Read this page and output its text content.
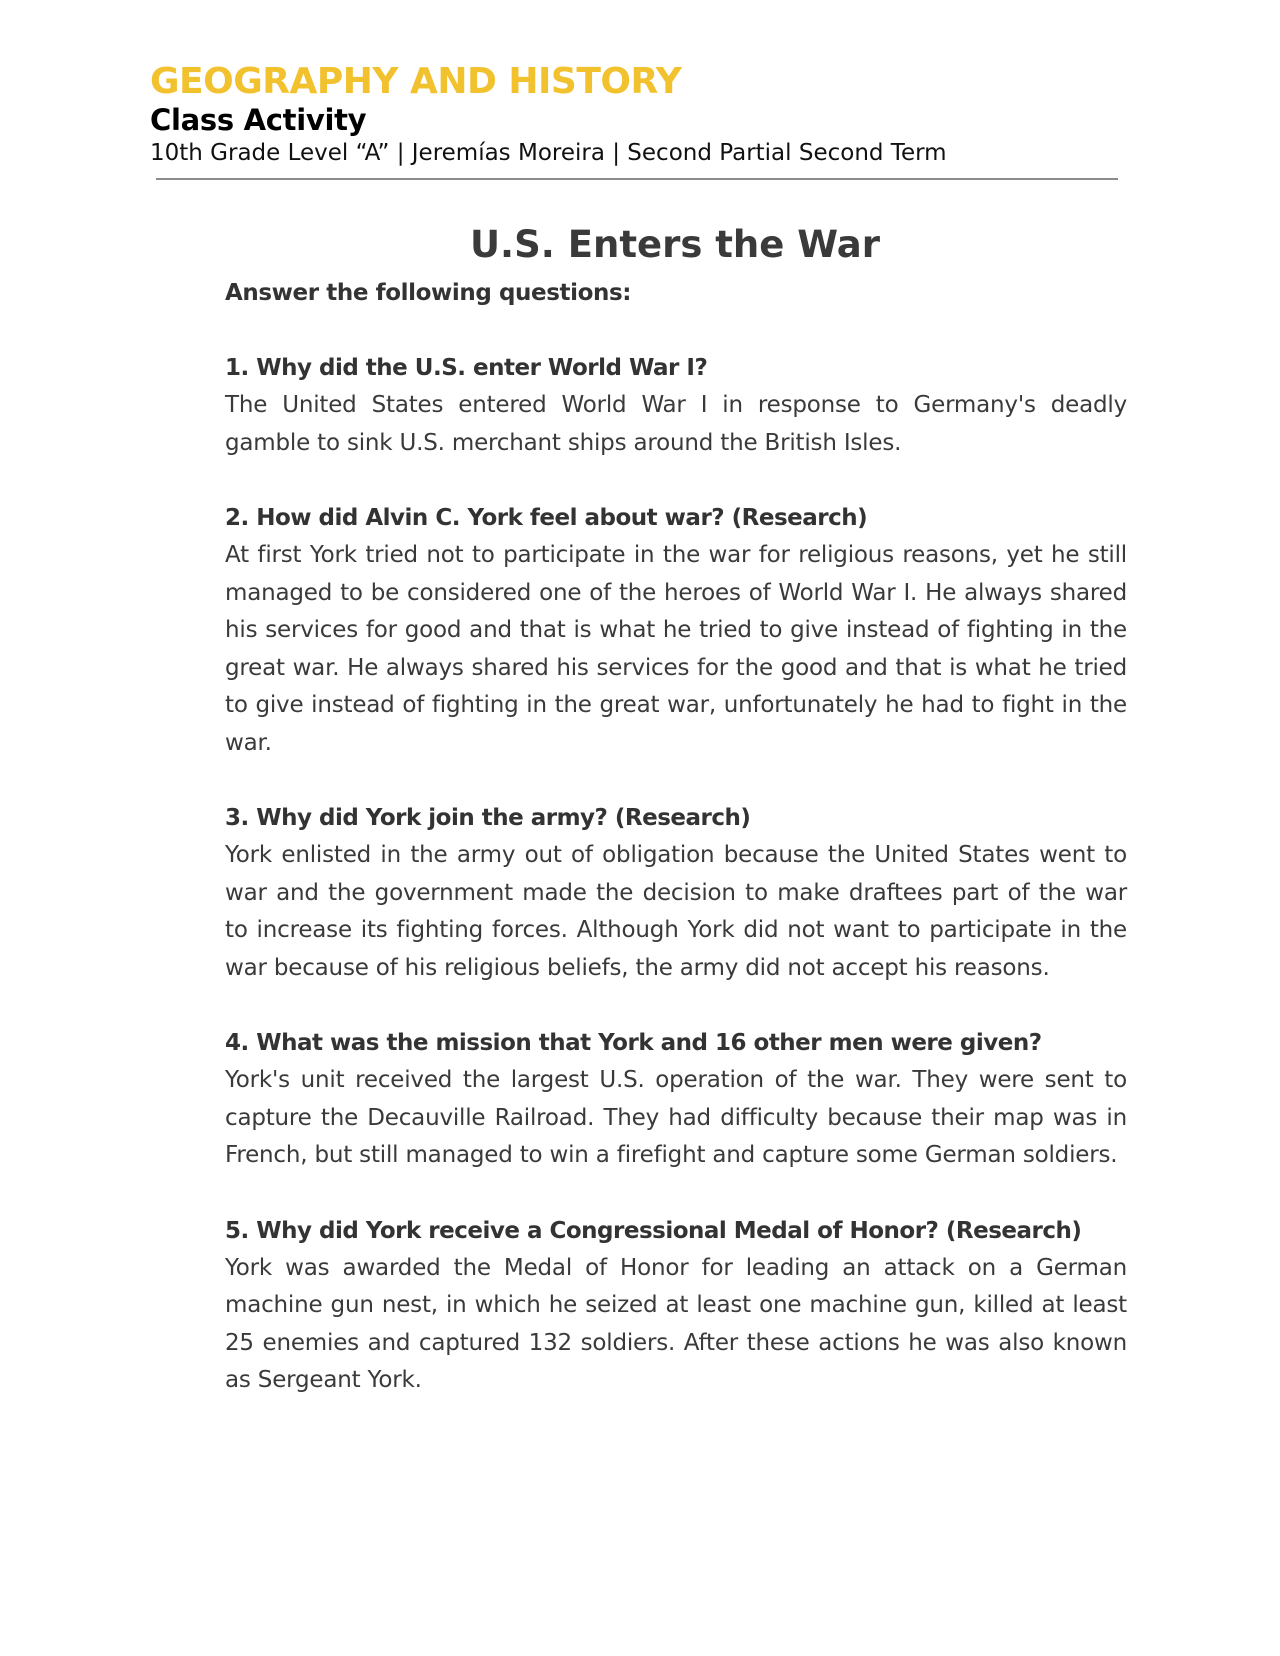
GEOGRAPHY AND HISTORY
Class Activity
10th Grade Level “A” | Jeremías Moreira | Second Partial Second Term
U.S. Enters the War
Answer the following questions:
1. Why did the U.S. enter World War I?
The United States entered World War I in response to Germany's deadly gamble to sink U.S. merchant ships around the British Isles.
2. How did Alvin C. York feel about war? (Research)
At first York tried not to participate in the war for religious reasons, yet he still managed to be considered one of the heroes of World War I. He always shared his services for good and that is what he tried to give instead of fighting in the great war. He always shared his services for the good and that is what he tried to give instead of fighting in the great war, unfortunately he had to fight in the war.
3. Why did York join the army? (Research)
York enlisted in the army out of obligation because the United States went to war and the government made the decision to make draftees part of the war to increase its fighting forces. Although York did not want to participate in the war because of his religious beliefs, the army did not accept his reasons.
4. What was the mission that York and 16 other men were given?
York's unit received the largest U.S. operation of the war. They were sent to capture the Decauville Railroad. They had difficulty because their map was in French, but still managed to win a firefight and capture some German soldiers.
5. Why did York receive a Congressional Medal of Honor? (Research)
York was awarded the Medal of Honor for leading an attack on a German machine gun nest, in which he seized at least one machine gun, killed at least 25 enemies and captured 132 soldiers. After these actions he was also known as Sergeant York.
